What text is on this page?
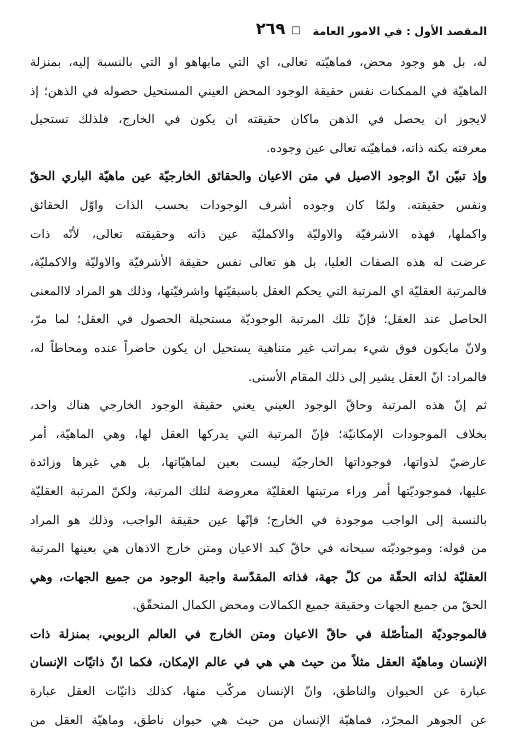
المقصد الأول : في الامور العامة
□
٢٦٩

له، بل هو وجود محض، فماهيّته تعالى، اي التي مابهاهو او التي بالنسبة إليه، بمنزلة
الماهيّة في الممكنات نفس حقيقة الوجود المحض العيني المستحيل حصوله في الذهن؛ إذ
لايجوز ان يحصل في الذهن ماكان حقيقته ان يكون في الخارج، فلذلك تستحيل
معرفته بكنه ذاته، فماهيّته تعالى عين وجوده.

وإذ تبيّن انّ الوجود الاصيل في متن الاعيان والحقائق الخارجيّة عين ماهيّة الباري الحقّ
ونفس حقيقته. ولمّا كان وجوده أشرف الوجودات بحسب الذات واوّل الحقائق
واكملها، فهذه الاشرفيّة والاوليّة والاكمليّة عين ذاته وحقيقته تعالى، لأنّه ذات
عرضت له هذه الصفات العليا، بل هو تعالى نفس حقيقة الأشرفيّة والاوليّة والاكمليّة،
فالمرتبة العقليّة اي المرتبة التي يحكم العقل باسبقيّتها واشرفيّتها، وذلك هو المراد لاالمعنى
الحاصل عند العقل؛ فإنّ تلك المرتبة الوجوديّة مستحيلة الحصول في العقل؛ لما مرّ،
ولانّ مايكون فوق شيء بمراتب غير متناهية يستحيل ان يكون حاضراً عنده ومحاطاً له،
فالمراد: انّ العقل يشير إلى ذلك المقام الأسنى.

ثم إنّ هذه المرتبة وحاقّ الوجود العيني يعني حقيقة الوجود الخارجي هناك واحد،
بخلاف الموجودات الإمكانيّة؛ فإنّ المرتبة التي يدركها العقل لها، وهي الماهيّة، أمر
عارضيّ لذواتها، فوجوداتها الخارجيّة ليست بعين لماهيّاتها، بل هي غيرها وزائدة
عليها، فموجوديّتها أمر وراء مرتبتها العقليّة معروضة لتلك المرتبة، ولكنّ المرتبة العقليّة
بالنسبة إلى الواجب موجودة في الخارج؛ فإنّها عين حقيقة الواجب، وذلك هو المراد
من قوله: وموجوديّته سبحانه في حاقّ كبد الاعيان ومتن خارج الاذهان هي بعينها المرتبة
العقليّة لذاته الحقّة من كلّ جهة، فذاته المقدّسة واجبة الوجود من جميع الجهات، وهي
الحقّ من جميع الجهات وحقيقة جميع الكمالات ومحض الكمال المتحقّق.

فالموجوديّة المتأصّلة في حاقّ الاعيان ومتن الخارج في العالم الربوبي، بمنزلة ذات
الإنسان وماهيّة العقل مثلاً من حيث هي هي في عالم الإمكان، فكما انّ ذاتيّات الإنسان
عبارة عن الحيوان والناطق، وانّ الإنسان مركّب منها، كذلك ذاتيّات العقل عبارة
عن الجوهر المجرّد، فماهيّة الإنسان من حيث هي حيوان ناطق، وماهيّة العقل من
